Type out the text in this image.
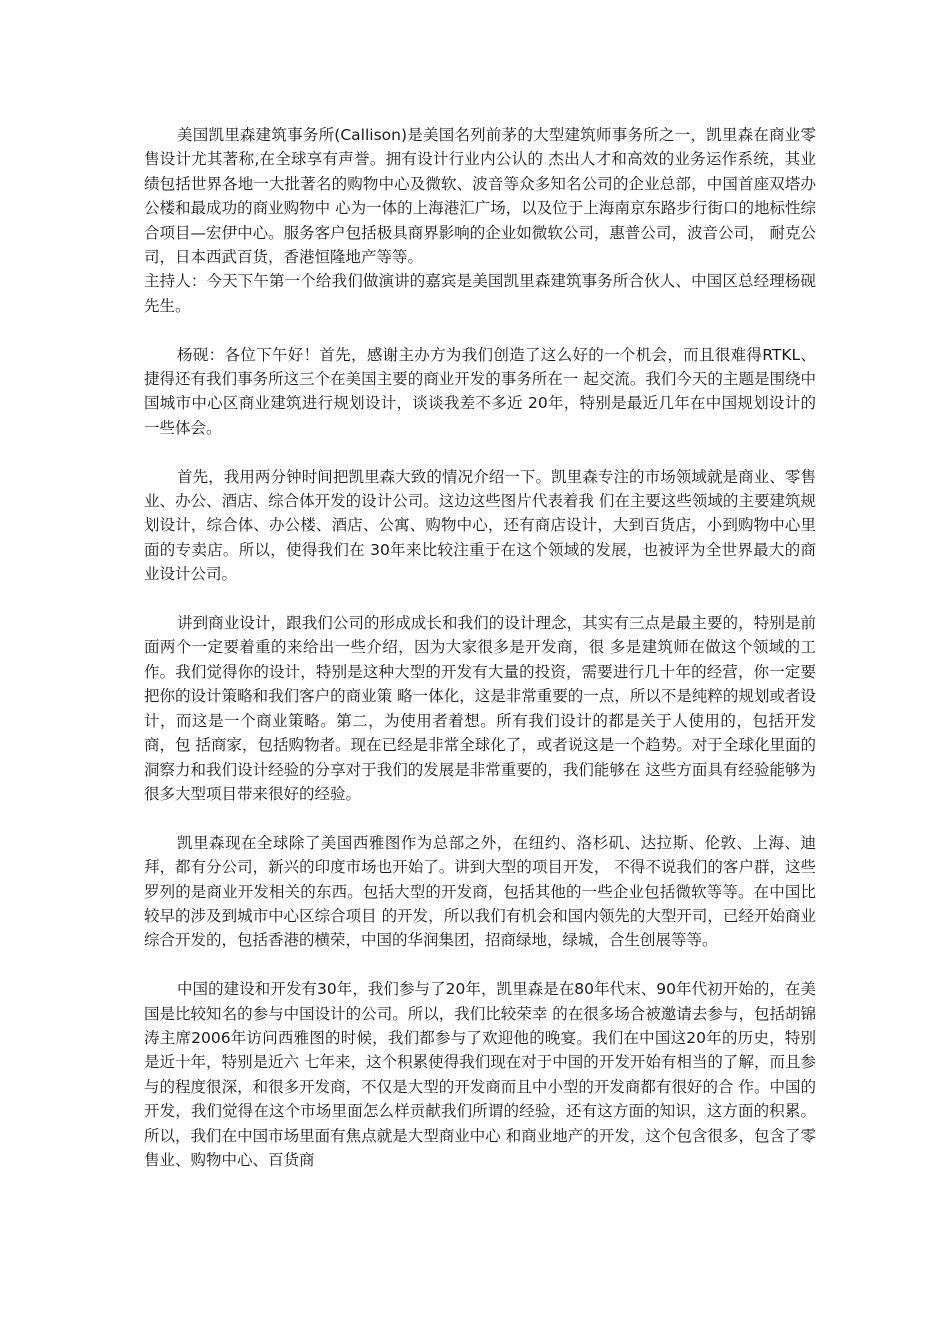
美国凯里森建筑事务所(Callison)是美国名列前茅的大型建筑师事务所之一，凯里森在商业零售设计尤其著称,在全球享有声誉。拥有设计行业内公认的 杰出人才和高效的业务运作系统，其业绩包括世界各地一大批著名的购物中心及微软、波音等众多知名公司的企业总部，中国首座双塔办公楼和最成功的商业购物中 心为一体的上海港汇广场，以及位于上海南京东路步行街口的地标性综合项目—宏伊中心。服务客户包括极具商界影响的企业如微软公司，惠普公司，波音公司， 耐克公司，日本西武百货，香港恒隆地产等等。

主持人：今天下午第一个给我们做演讲的嘉宾是美国凯里森建筑事务所合伙人、中国区总经理杨砚先生。

杨砚：各位下午好！首先，感谢主办方为我们创造了这么好的一个机会，而且很难得RTKL、捷得还有我们事务所这三个在美国主要的商业开发的事务所在一 起交流。我们今天的主题是围绕中国城市中心区商业建筑进行规划设计，谈谈我差不多近 20年，特别是最近几年在中国规划设计的一些体会。

首先，我用两分钟时间把凯里森大致的情况介绍一下。凯里森专注的市场领域就是商业、零售业、办公、酒店、综合体开发的设计公司。这边这些图片代表着我 们在主要这些领域的主要建筑规划设计，综合体、办公楼、酒店、公寓、购物中心，还有商店设计，大到百货店，小到购物中心里面的专卖店。所以，使得我们在 30年来比较注重于在这个领域的发展，也被评为全世界最大的商业设计公司。

讲到商业设计，跟我们公司的形成成长和我们的设计理念，其实有三点是最主要的，特别是前面两个一定要着重的来给出一些介绍，因为大家很多是开发商，很 多是建筑师在做这个领域的工作。我们觉得你的设计，特别是这种大型的开发有大量的投资，需要进行几十年的经营，你一定要把你的设计策略和我们客户的商业策 略一体化，这是非常重要的一点，所以不是纯粹的规划或者设计，而这是一个商业策略。第二，为使用者着想。所有我们设计的都是关于人使用的，包括开发商，包 括商家，包括购物者。现在已经是非常全球化了，或者说这是一个趋势。对于全球化里面的洞察力和我们设计经验的分享对于我们的发展是非常重要的，我们能够在 这些方面具有经验能够为很多大型项目带来很好的经验。

凯里森现在全球除了美国西雅图作为总部之外，在纽约、洛杉矶、达拉斯、伦敦、上海、迪拜，都有分公司，新兴的印度市场也开始了。讲到大型的项目开发， 不得不说我们的客户群，这些罗列的是商业开发相关的东西。包括大型的开发商，包括其他的一些企业包括微软等等。在中国比较早的涉及到城市中心区综合项目 的开发，所以我们有机会和国内领先的大型开司，已经开始商业综合开发的，包括香港的横荣，中国的华润集团，招商绿地，绿城，合生创展等等。

中国的建设和开发有30年，我们参与了20年，凯里森是在80年代末、90年代初开始的，在美国是比较知名的参与中国设计的公司。所以，我们比较荣幸 的在很多场合被邀请去参与，包括胡锦涛主席2006年访问西雅图的时候，我们都参与了欢迎他的晚宴。我们在中国这20年的历史，特别是近十年，特别是近六 七年来，这个积累使得我们现在对于中国的开发开始有相当的了解，而且参与的程度很深，和很多开发商，不仅是大型的开发商而且中小型的开发商都有很好的合 作。中国的开发，我们觉得在这个市场里面怎么样贡献我们所谓的经验，还有这方面的知识，这方面的积累。所以，我们在中国市场里面有焦点就是大型商业中心 和商业地产的开发，这个包含很多，包含了零售业、购物中心、百货商
